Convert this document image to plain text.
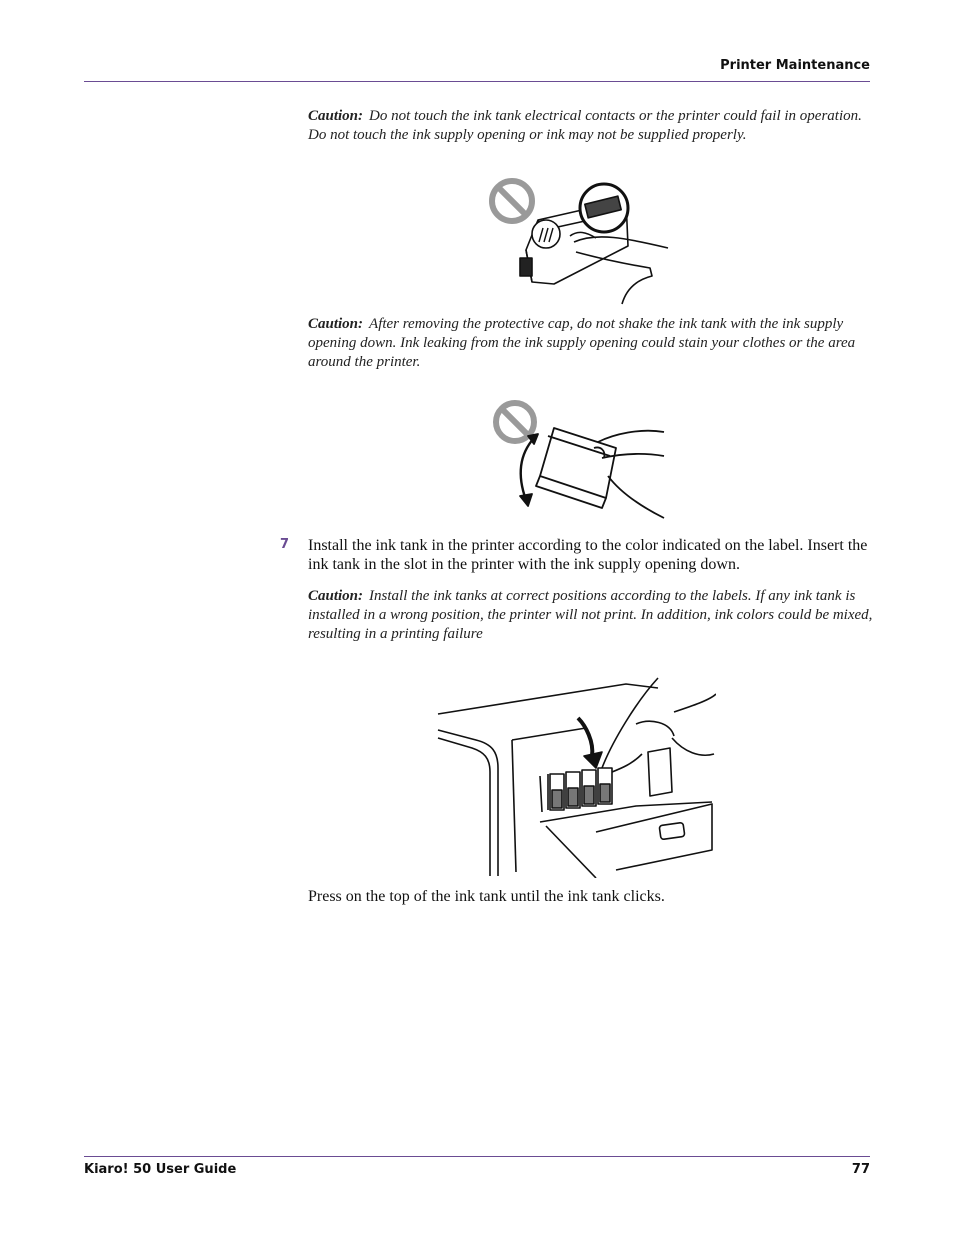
Printer Maintenance
Caution: Do not touch the ink tank electrical contacts or the printer could fail in operation. Do not touch the ink supply opening or ink may not be supplied properly.
Caution: After removing the protective cap, do not shake the ink tank with the ink supply opening down. Ink leaking from the ink supply opening could stain your clothes or the area around the printer.
7 Install the ink tank in the printer according to the color indicated on the label. Insert the ink tank in the slot in the printer with the ink supply opening down.
Caution: Install the ink tanks at correct positions according to the labels. If any ink tank is installed in a wrong position, the printer will not print. In addition, ink colors could be mixed, resulting in a printing failure
Press on the top of the ink tank until the ink tank clicks.
Kiaro! 50 User Guide	77
